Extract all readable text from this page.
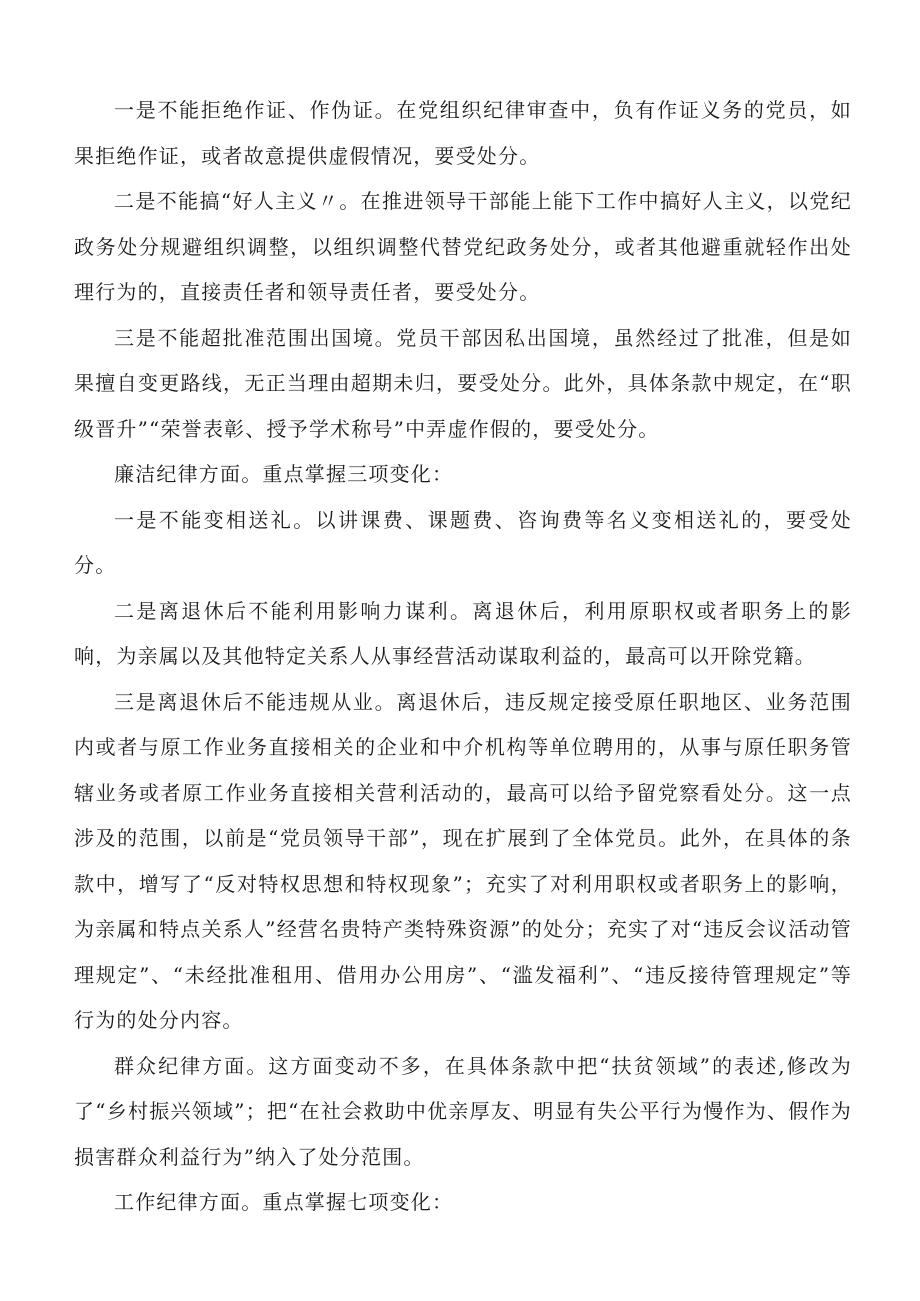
一是不能拒绝作证、作伪证。在党组织纪律审查中，负有作证义务的党员，如果拒绝作证，或者故意提供虚假情况，要受处分。

二是不能搞“好人主义〃。在推进领导干部能上能下工作中搞好人主义，以党纪政务处分规避组织调整，以组织调整代替党纪政务处分，或者其他避重就轻作出处理行为的，直接责任者和领导责任者，要受处分。

三是不能超批准范围出国境。党员干部因私出国境，虽然经过了批准，但是如果擅自变更路线，无正当理由超期未归，要受处分。此外，具体条款中规定，在“职级晋升”“荣誉表彰、授予学术称号”中弄虚作假的，要受处分。

廉洁纪律方面。重点掌握三项变化：

一是不能变相送礼。以讲课费、课题费、咨询费等名义变相送礼的，要受处分。

二是离退休后不能利用影响力谋利。离退休后，利用原职权或者职务上的影响，为亲属以及其他特定关系人从事经营活动谋取利益的，最高可以开除党籍。

三是离退休后不能违规从业。离退休后，违反规定接受原任职地区、业务范围内或者与原工作业务直接相关的企业和中介机构等单位聘用的，从事与原任职务管辖业务或者原工作业务直接相关营利活动的，最高可以给予留党察看处分。这一点涉及的范围，以前是“党员领导干部”，现在扩展到了全体党员。此外，在具体的条款中，增写了“反对特权思想和特权现象”；充实了对利用职权或者职务上的影响，为亲属和特点关系人”经营名贵特产类特殊资源”的处分；充实了对“违反会议活动管理规定”、“未经批准租用、借用办公用房”、“滥发福利”、“违反接待管理规定”等行为的处分内容。

群众纪律方面。这方面变动不多，在具体条款中把“扶贫领域”的表述,修改为了“乡村振兴领域”；把“在社会救助中优亲厚友、明显有失公平行为慢作为、假作为损害群众利益行为”纳入了处分范围。

工作纪律方面。重点掌握七项变化：
